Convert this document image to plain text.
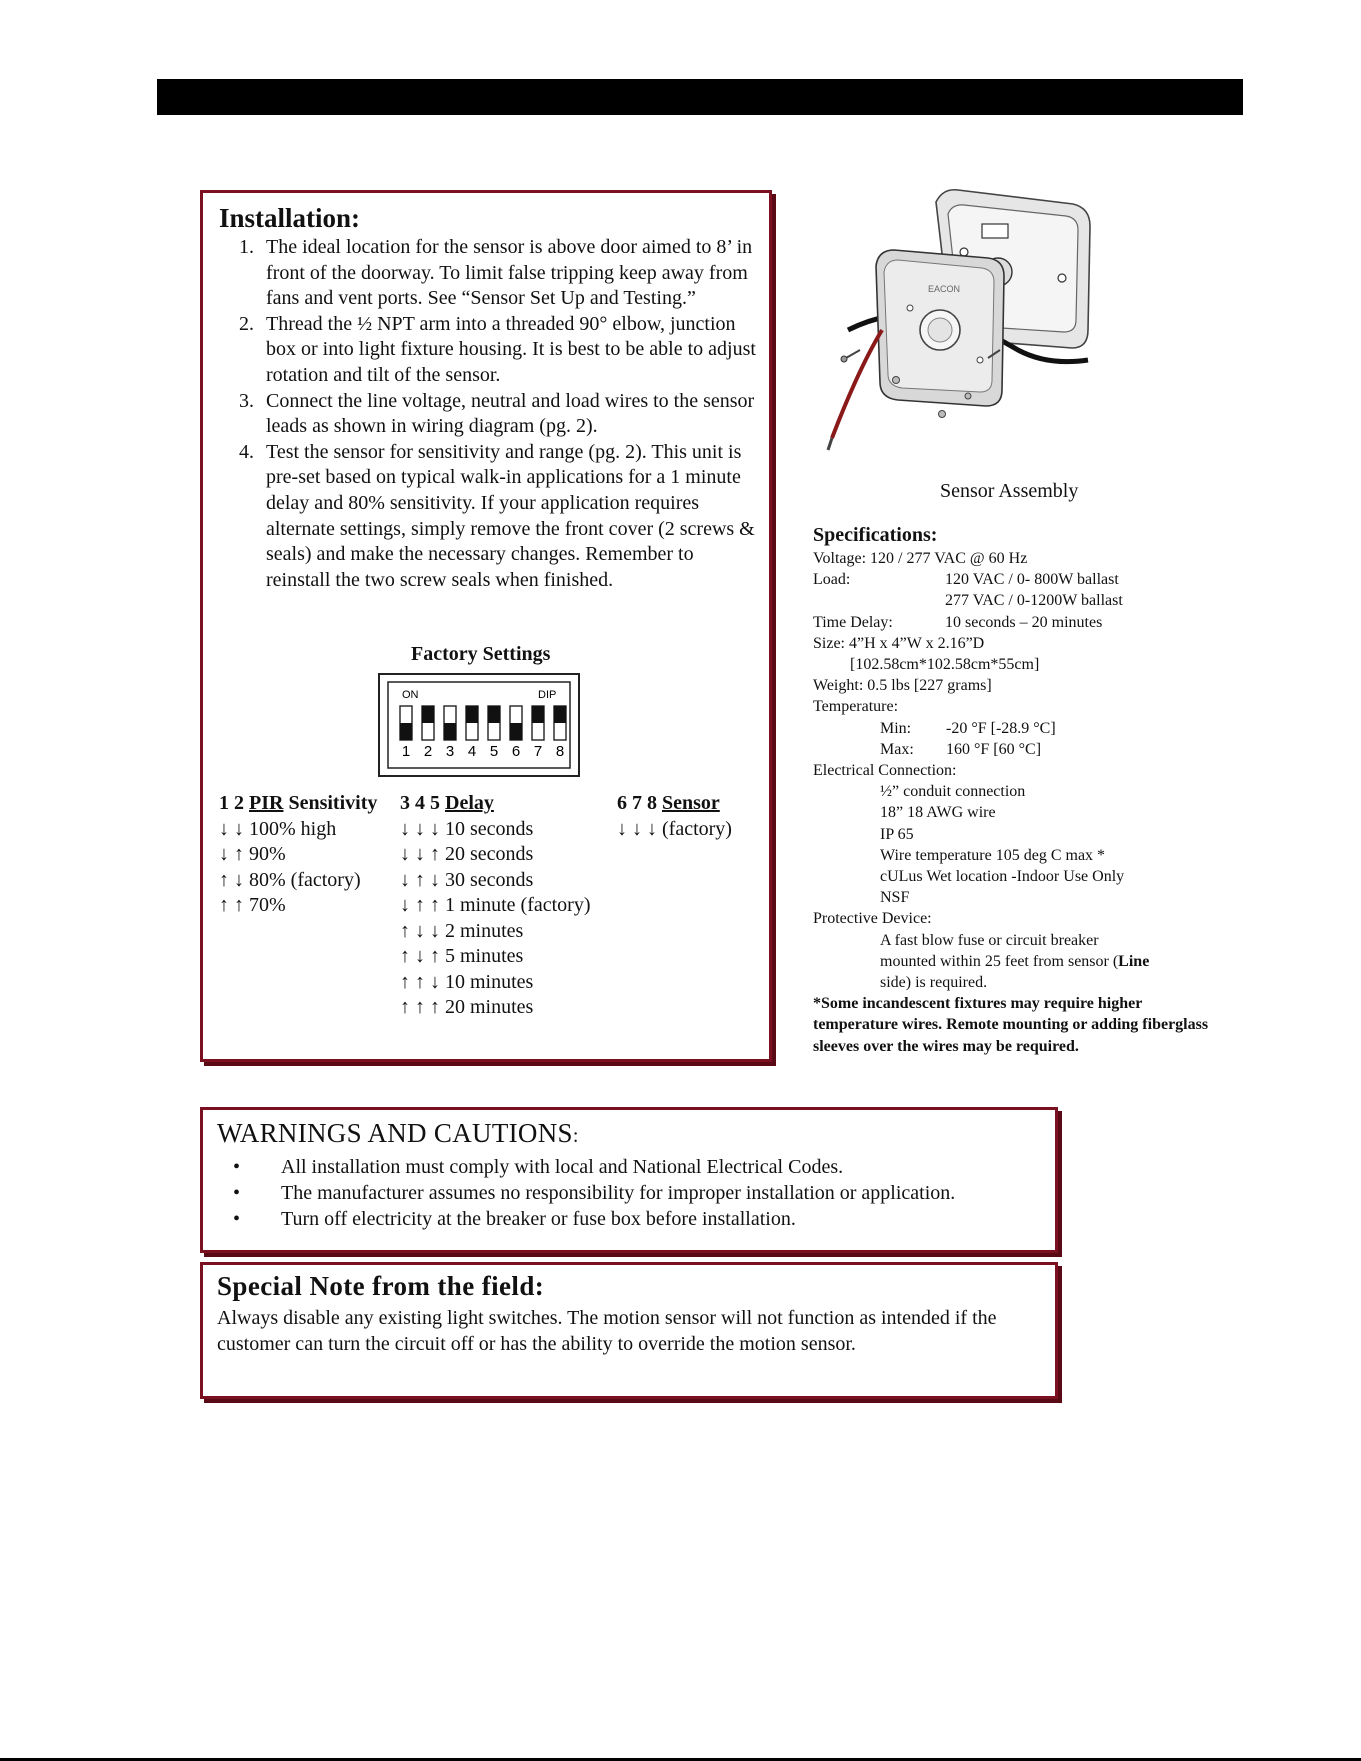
Installation:
1. The ideal location for the sensor is above door aimed to 8’ in front of the doorway. To limit false tripping keep away from fans and vent ports. See “Sensor Set Up and Testing.”
2. Thread the ½ NPT arm into a threaded 90° elbow, junction box or into light fixture housing. It is best to be able to adjust rotation and tilt of the sensor.
3. Connect the line voltage, neutral and load wires to the sensor leads as shown in wiring diagram (pg. 2).
4. Test the sensor for sensitivity and range (pg. 2). This unit is pre-set based on typical walk-in applications for a 1 minute delay and 80% sensitivity. If your application requires alternate settings, simply remove the front cover (2 screws & seals) and make the necessary changes. Remember to reinstall the two screw seals when finished.
Factory Settings
ON	DIP
1 2 3 4 5 6 7 8
1 2 PIR Sensitivity
↓ ↓ 100% high
↓ ↑ 90%
↑ ↓ 80% (factory)
↑ ↑ 70%
3 4 5 Delay
↓ ↓ ↓ 10 seconds
↓ ↓ ↑ 20 seconds
↓ ↑ ↓ 30 seconds
↓ ↑ ↑ 1 minute (factory)
↑ ↓ ↓ 2 minutes
↑ ↓ ↑ 5 minutes
↑ ↑ ↓ 10 minutes
↑ ↑ ↑ 20 minutes
6 7 8 Sensor
↓ ↓ ↓ (factory)
EACON
Sensor Assembly
Specifications:
Voltage: 120 / 277 VAC @ 60 Hz
Load:	120 VAC / 0- 800W ballast

277 VAC / 0-1200W ballast
Time Delay:	10 seconds – 20 minutes
Size: 4”H x 4”W x 2.16”D
[102.58cm*102.58cm*55cm]
Weight: 0.5 lbs [227 grams]
Temperature:
Min: -20 °F [-28.9 °C]
Max: 160 °F [60 °C]
Electrical Connection:
½” conduit connection
18” 18 AWG wire
IP 65
Wire temperature 105 deg C max *
cULus Wet location -Indoor Use Only
NSF
Protective Device:
A fast blow fuse or circuit breaker
mounted within 25 feet from sensor (Line
side) is required.
*Some incandescent fixtures may require higher temperature wires. Remote mounting or adding fiberglass sleeves over the wires may be required.
WARNINGS AND CAUTIONS:
•	All installation must comply with local and National Electrical Codes.
•	The manufacturer assumes no responsibility for improper installation or application.
•	Turn off electricity at the breaker or fuse box before installation.
Special Note from the field:
Always disable any existing light switches. The motion sensor will not function as intended if the customer can turn the circuit off or has the ability to override the motion sensor.
